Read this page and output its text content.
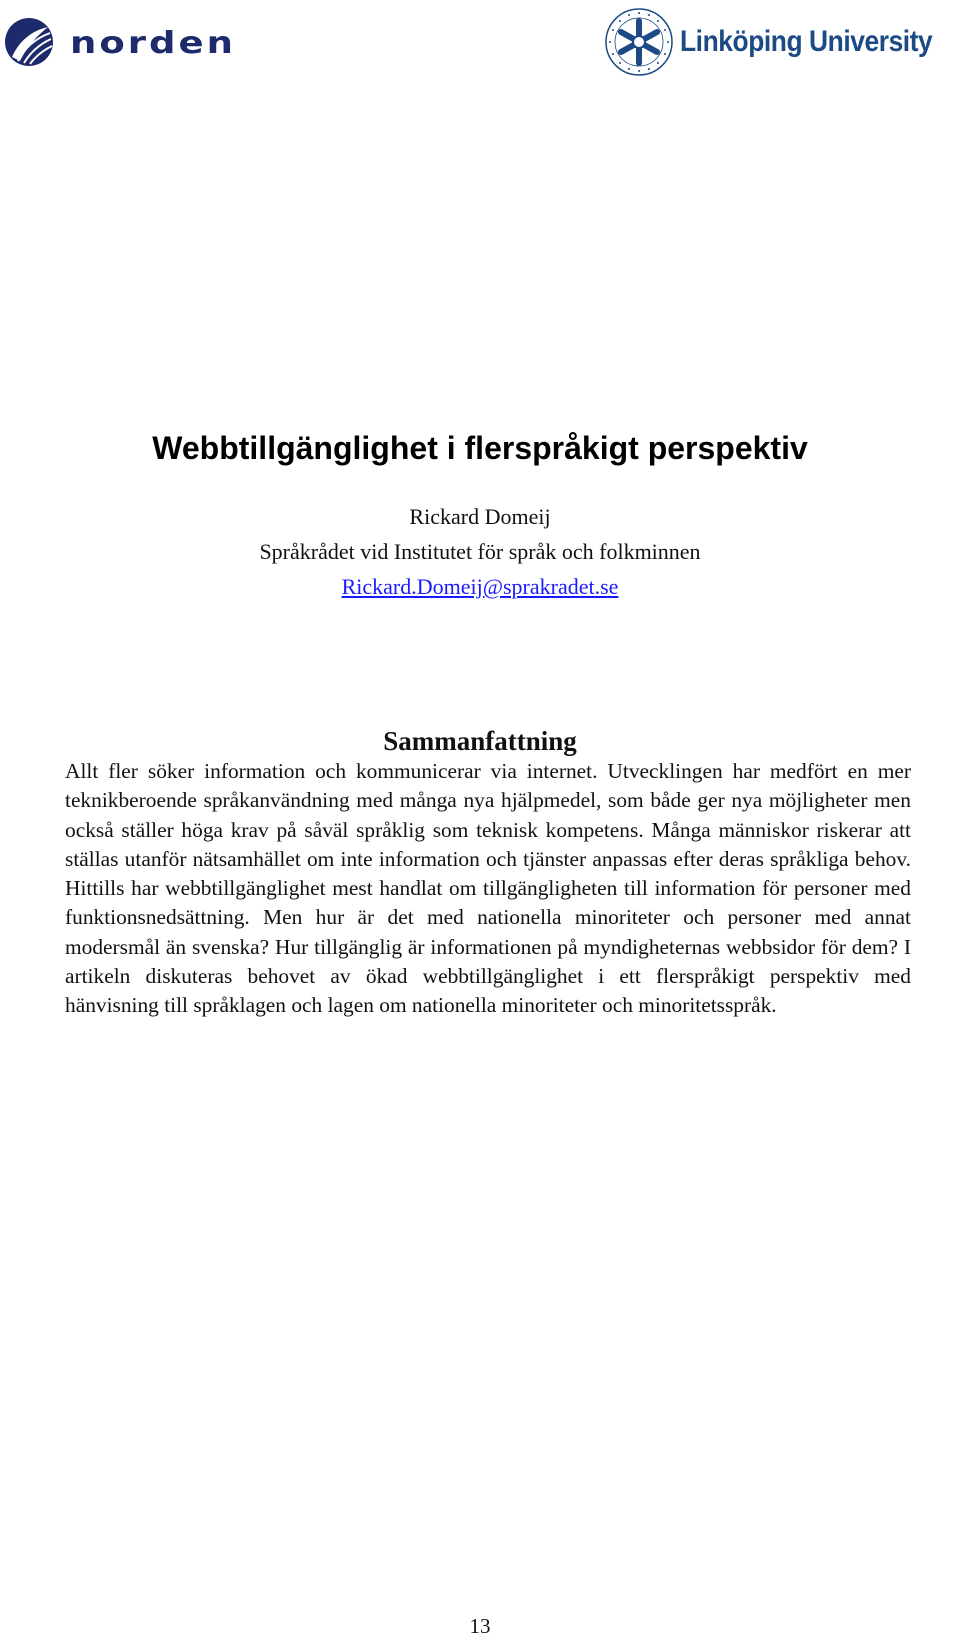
norden	Linköping University
Webbtillgänglighet i flerspråkigt perspektiv
Rickard Domeij
Språkrådet vid Institutet för språk och folkminnen
Rickard.Domeij@sprakradet.se
Sammanfattning

Allt fler söker information och kommunicerar via internet. Utvecklingen har medfört en mer teknikberoende språkanvändning med många nya hjälpmedel, som både ger nya möjligheter men också ställer höga krav på såväl språklig som teknisk kompetens. Många människor riskerar att ställas utanför nätsamhället om inte information och tjänster anpassas efter deras språkliga behov. Hittills har webbtillgänglighet mest handlat om tillgängligheten till information för personer med funktionsnedsättning. Men hur är det med nationella minoriteter och personer med annat modersmål än svenska? Hur tillgänglig är informationen på myndigheternas webbsidor för dem? I artikeln diskuteras behovet av ökad webbtillgänglighet i ett flerspråkigt perspektiv med hänvisning till språklagen och lagen om nationella minoriteter och minoritetsspråk.

13
